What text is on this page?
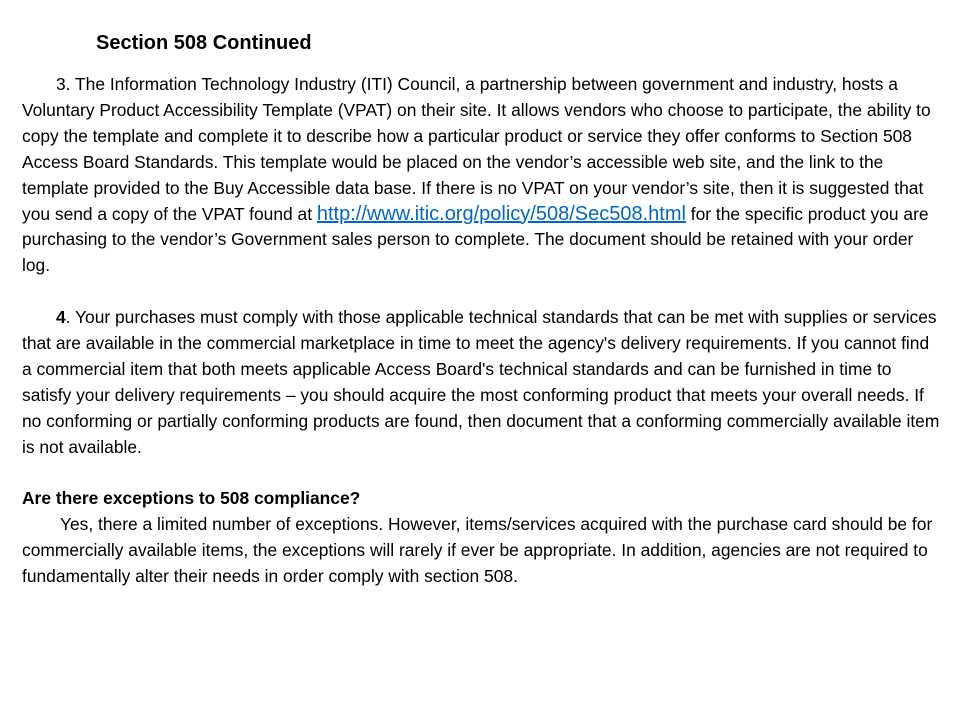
Section 508 Continued

3. The Information Technology Industry (ITI) Council, a partnership between government and industry, hosts a Voluntary Product Accessibility Template (VPAT) on their site. It allows vendors who choose to participate, the ability to copy the template and complete it to describe how a particular product or service they offer conforms to Section 508 Access Board Standards. This template would be placed on the vendor’s accessible web site, and the link to the template provided to the Buy Accessible data base. If there is no VPAT on your vendor’s site, then it is suggested that you send a copy of the VPAT found at http://www.itic.org/policy/508/Sec508.html for the specific product you are purchasing to the vendor’s Government sales person to complete. The document should be retained with your order log.

4. Your purchases must comply with those applicable technical standards that can be met with supplies or services that are available in the commercial marketplace in time to meet the agency's delivery requirements. If you cannot find a commercial item that both meets applicable Access Board's technical standards and can be furnished in time to satisfy your delivery requirements – you should acquire the most conforming product that meets your overall needs. If no conforming or partially conforming products are found, then document that a conforming commercially available item is not available.

Are there exceptions to 508 compliance?

Yes, there a limited number of exceptions. However, items/services acquired with the purchase card should be for commercially available items, the exceptions will rarely if ever be appropriate. In addition, agencies are not required to fundamentally alter their needs in order comply with section 508.
